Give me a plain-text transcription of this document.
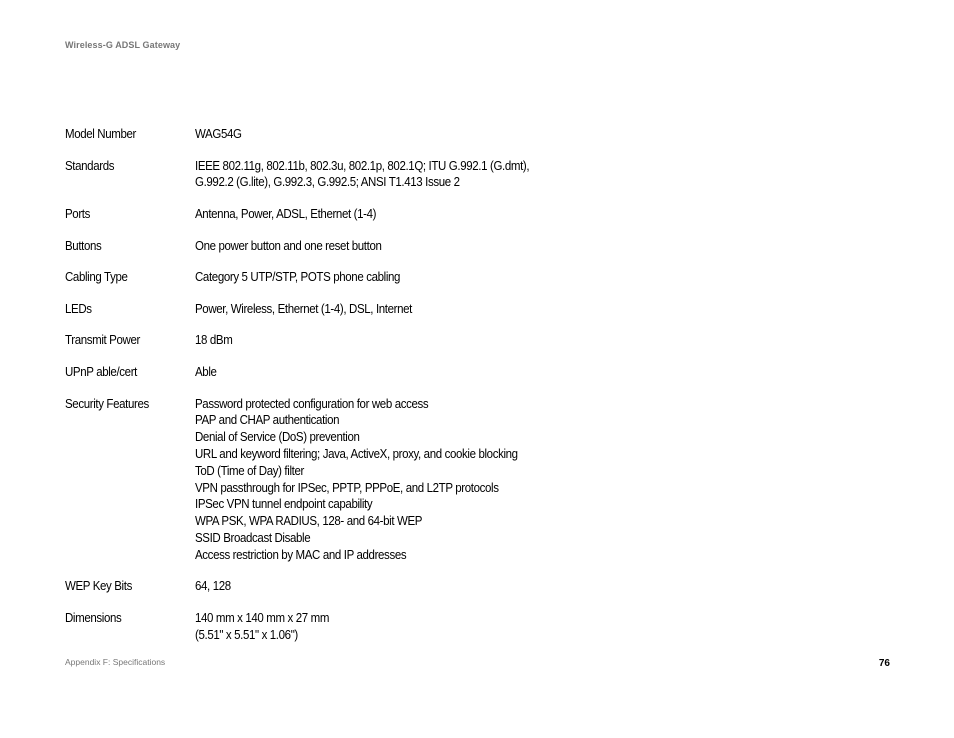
Wireless-G ADSL Gateway
Model Number	WAG54G
Standards	IEEE 802.11g, 802.11b, 802.3u, 802.1p, 802.1Q; ITU G.992.1 (G.dmt),
G.992.2 (G.lite), G.992.3, G.992.5; ANSI T1.413 Issue 2
Ports	Antenna, Power, ADSL, Ethernet (1-4)
Buttons	One power button and one reset button
Cabling Type	Category 5 UTP/STP, POTS phone cabling
LEDs	Power, Wireless, Ethernet (1-4), DSL, Internet
Transmit Power	18 dBm
UPnP able/cert	Able
Security Features	Password protected configuration for web access
PAP and CHAP authentication
Denial of Service (DoS) prevention
URL and keyword filtering; Java, ActiveX, proxy, and cookie blocking
ToD (Time of Day) filter
VPN passthrough for IPSec, PPTP, PPPoE, and L2TP protocols
IPSec VPN tunnel endpoint capability
WPA PSK, WPA RADIUS, 128- and 64-bit WEP
SSID Broadcast Disable
Access restriction by MAC and IP addresses
WEP Key Bits	64, 128
Dimensions	140 mm x 140 mm x 27 mm
(5.51" x 5.51" x 1.06")
Appendix F: Specifications	76
